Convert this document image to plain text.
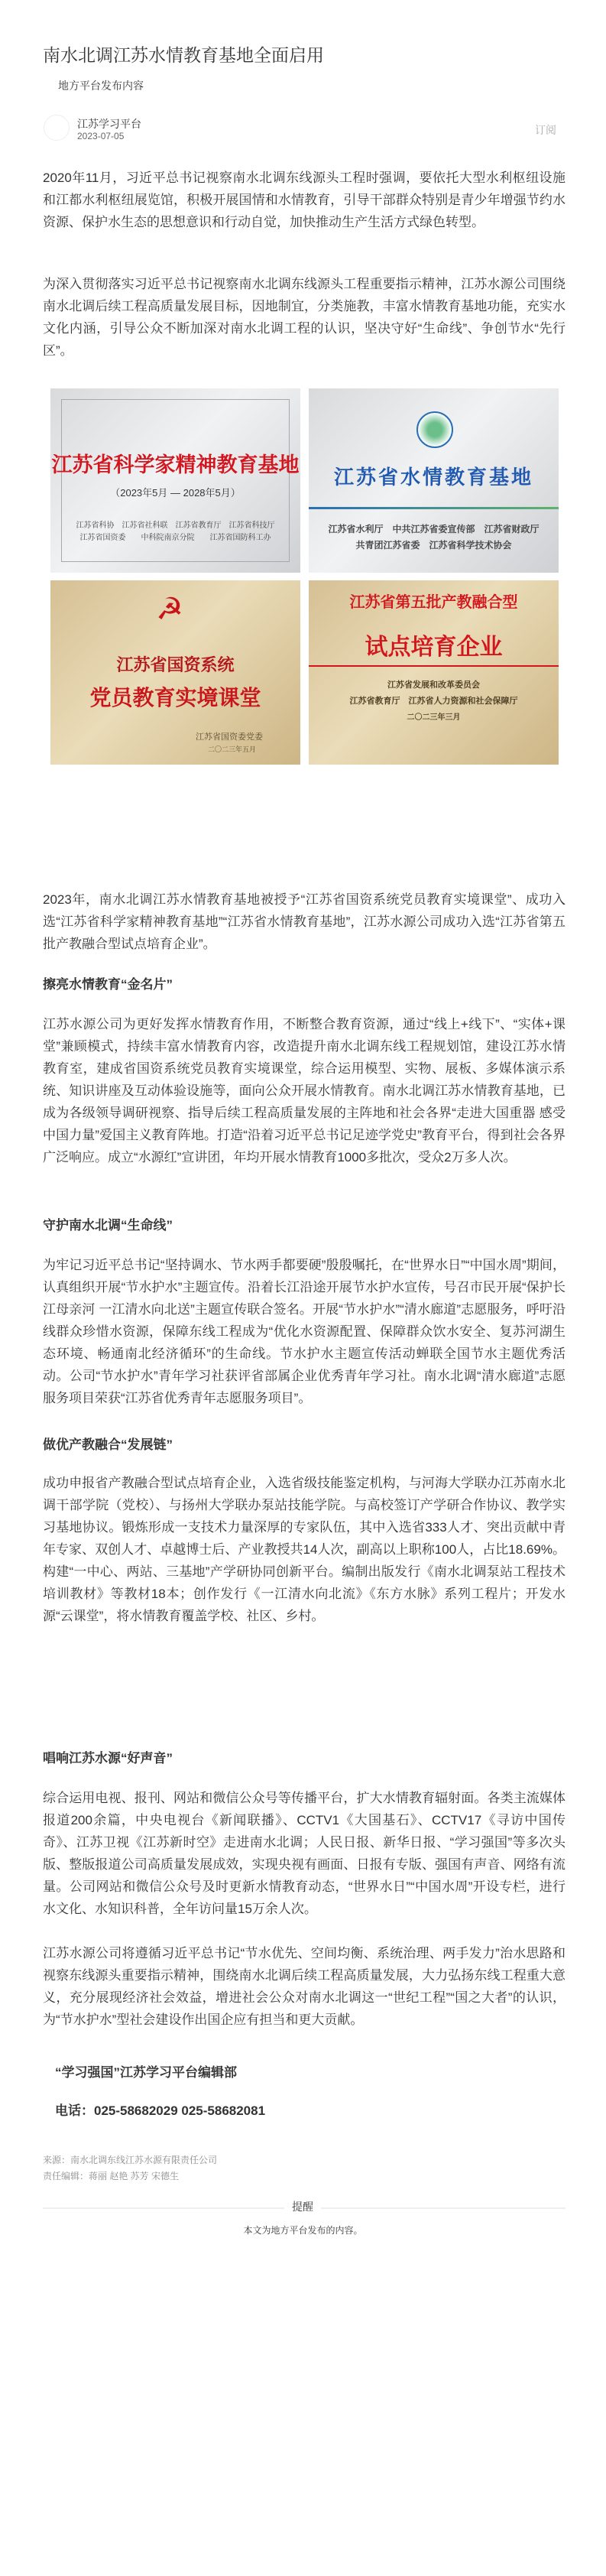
南水北调江苏水情教育基地全面启用
地方平台发布内容
江苏学习平台
2023-07-05	订阅

2020年11月，习近平总书记视察南水北调东线源头工程时强调，要依托大型水利枢纽设施和江都水利枢纽展览馆，积极开展国情和水情教育，引导干部群众特别是青少年增强节约水资源、保护水生态的思想意识和行动自觉，加快推动生产生活方式绿色转型。

为深入贯彻落实习近平总书记视察南水北调东线源头工程重要指示精神，江苏水源公司围绕南水北调后续工程高质量发展目标，因地制宜，分类施教，丰富水情教育基地功能，充实水文化内涵，引导公众不断加深对南水北调工程的认识，坚决守好“生命线”、争创节水“先行区”。

江苏省科学家精神教育基地
（2023年5月 — 2028年5月）
江苏省科协　江苏省社科联　江苏省教育厅　江苏省科技厅
江苏省国资委　　中科院南京分院　　江苏省国防科工办
江苏省水情教育基地
江苏省水利厅　中共江苏省委宣传部　江苏省财政厅
共青团江苏省委　江苏省科学技术协会
☭
江苏省国资系统
党员教育实境课堂
江苏省国资委党委
二〇二三年五月
江苏省第五批产教融合型
试点培育企业
江苏省发展和改革委员会
江苏省教育厅　江苏省人力资源和社会保障厅
二〇二三年三月

2023年，南水北调江苏水情教育基地被授予“江苏省国资系统党员教育实境课堂”、成功入选“江苏省科学家精神教育基地”“江苏省水情教育基地”，江苏水源公司成功入选“江苏省第五批产教融合型试点培育企业”。

擦亮水情教育“金名片”

江苏水源公司为更好发挥水情教育作用，不断整合教育资源，通过“线上+线下”、“实体+课堂”兼顾模式，持续丰富水情教育内容，改造提升南水北调东线工程规划馆，建设江苏水情教育室，建成省国资系统党员教育实境课堂，综合运用模型、实物、展板、多媒体演示系统、知识讲座及互动体验设施等，面向公众开展水情教育。南水北调江苏水情教育基地，已成为各级领导调研视察、指导后续工程高质量发展的主阵地和社会各界“走进大国重器 感受中国力量”爱国主义教育阵地。打造“沿着习近平总书记足迹学党史”教育平台，得到社会各界广泛响应。成立“水源红”宣讲团，年均开展水情教育1000多批次，受众2万多人次。

守护南水北调“生命线”

为牢记习近平总书记“坚持调水、节水两手都要硬”殷殷嘱托，在“世界水日”“中国水周”期间，认真组织开展“节水护水”主题宣传。沿着长江沿途开展节水护水宣传，号召市民开展“保护长江母亲河 一江清水向北送”主题宣传联合签名。开展“节水护水”“清水廊道”志愿服务，呼吁沿线群众珍惜水资源，保障东线工程成为“优化水资源配置、保障群众饮水安全、复苏河湖生态环境、畅通南北经济循环”的生命线。节水护水主题宣传活动蝉联全国节水主题优秀活动。公司“节水护水”青年学习社获评省部属企业优秀青年学习社。南水北调“清水廊道”志愿服务项目荣获“江苏省优秀青年志愿服务项目”。

做优产教融合“发展链”

成功申报省产教融合型试点培育企业，入选省级技能鉴定机构，与河海大学联办江苏南水北调干部学院（党校）、与扬州大学联办泵站技能学院。与高校签订产学研合作协议、教学实习基地协议。锻炼形成一支技术力量深厚的专家队伍，其中入选省333人才、突出贡献中青年专家、双创人才、卓越博士后、产业教授共14人次，副高以上职称100人，占比18.69%。构建“一中心、两站、三基地”产学研协同创新平台。编制出版发行《南水北调泵站工程技术培训教材》等教材18本；创作发行《一江清水向北流》《东方水脉》系列工程片；开发水源“云课堂”，将水情教育覆盖学校、社区、乡村。

唱响江苏水源“好声音”

综合运用电视、报刊、网站和微信公众号等传播平台，扩大水情教育辐射面。各类主流媒体报道200余篇，中央电视台《新闻联播》、CCTV1《大国基石》、CCTV17《寻访中国传奇》、江苏卫视《江苏新时空》走进南水北调；人民日报、新华日报、“学习强国”等多次头版、整版报道公司高质量发展成效，实现央视有画面、日报有专版、强国有声音、网络有流量。公司网站和微信公众号及时更新水情教育动态，“世界水日”“中国水周”开设专栏，进行水文化、水知识科普，全年访问量15万余人次。

江苏水源公司将遵循习近平总书记“节水优先、空间均衡、系统治理、两手发力”治水思路和视察东线源头重要指示精神，围绕南水北调后续工程高质量发展，大力弘扬东线工程重大意义，充分展现经济社会效益，增进社会公众对南水北调这一“世纪工程”“国之大者”的认识，为“节水护水”型社会建设作出国企应有担当和更大贡献。

“学习强国”江苏学习平台编辑部
电话：025-58682029 025-58682081
来源：南水北调东线江苏水源有限责任公司
责任编辑：蒋丽 赵艳 苏芳 宋德生
提醒
本文为地方平台发布的内容。
